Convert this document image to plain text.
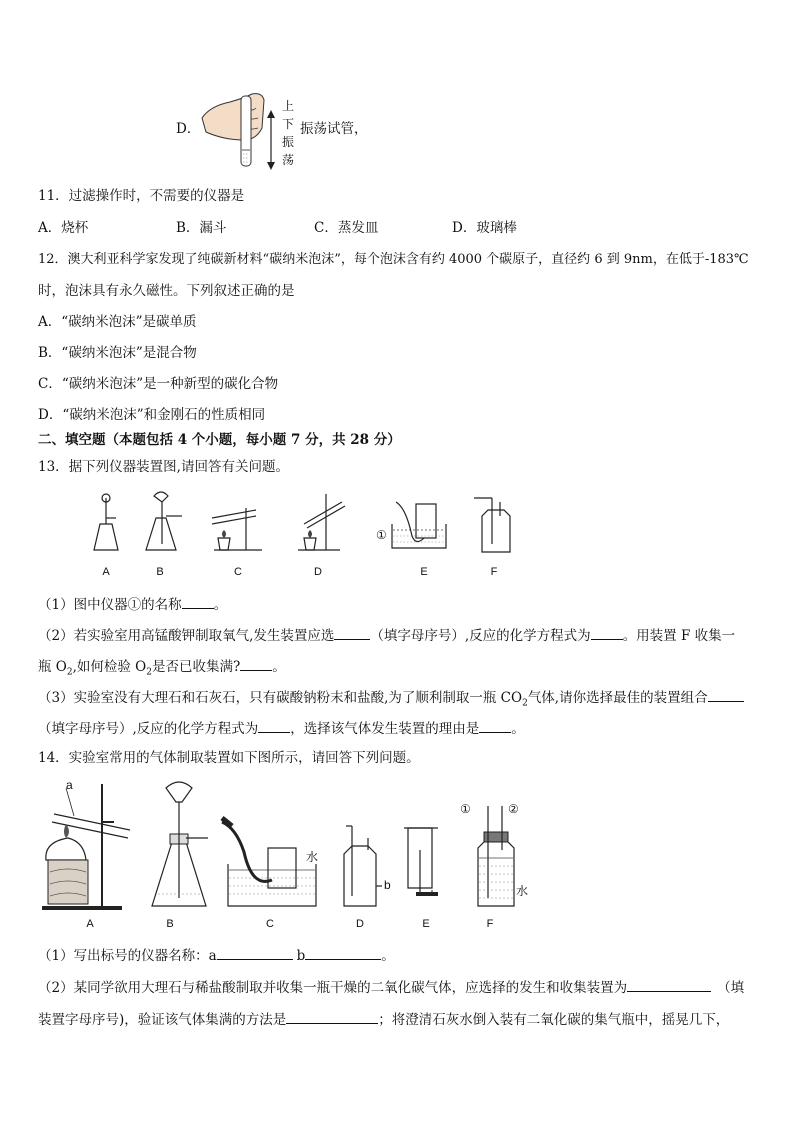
D．
上
下
振
荡
振荡试管，
11．过滤操作时，不需要的仪器是
A．烧杯	B．漏斗	C．蒸发皿	D．玻璃棒
12．澳大利亚科学家发现了纯碳新材料“碳纳米泡沫”，每个泡沫含有约 4000 个碳原子，直径约 6 到 9nm，在低于-183℃
时，泡沫具有永久磁性。下列叙述正确的是
A．“碳纳米泡沫”是碳单质
B．“碳纳米泡沫”是混合物
C．“碳纳米泡沫”是一种新型的碳化合物
D．“碳纳米泡沫”和金刚石的性质相同
二、填空题（本题包括 4 个小题，每小题 7 分，共 28 分）
13．据下列仪器装置图,请回答有关问题。
A	B	C	D	E	F
①
（1）图中仪器①的名称 。
（2）若实验室用高锰酸钾制取氧气,发生装置应选	（填字母序号）,反应的化学方程式为 。用装置 F 收集一
瓶 $O_2$,如何检验 $O_2$是否已收集满? 。
（3）实验室没有大理石和石灰石，只有碳酸钠粉末和盐酸,为了顺利制取一瓶 $CO_2$气体,请你选择最佳的装置组合
（填字母序号）,反应的化学方程式为 ，选择该气体发生装置的理由是 。
14．实验室常用的气体制取装置如下图所示，请回答下列问题。
a
水
b	水
①	②
A	B	C	D	E	F
（1）写出标号的仪器名称：a	b	。
（2）某同学欲用大理石与稀盐酸制取并收集一瓶干燥的二氧化碳气体，应选择的发生和收集装置为	（填
装置字母序号)，验证该气体集满的方法是	；将澄清石灰水倒入装有二氧化碳的集气瓶中，摇晃几下，
